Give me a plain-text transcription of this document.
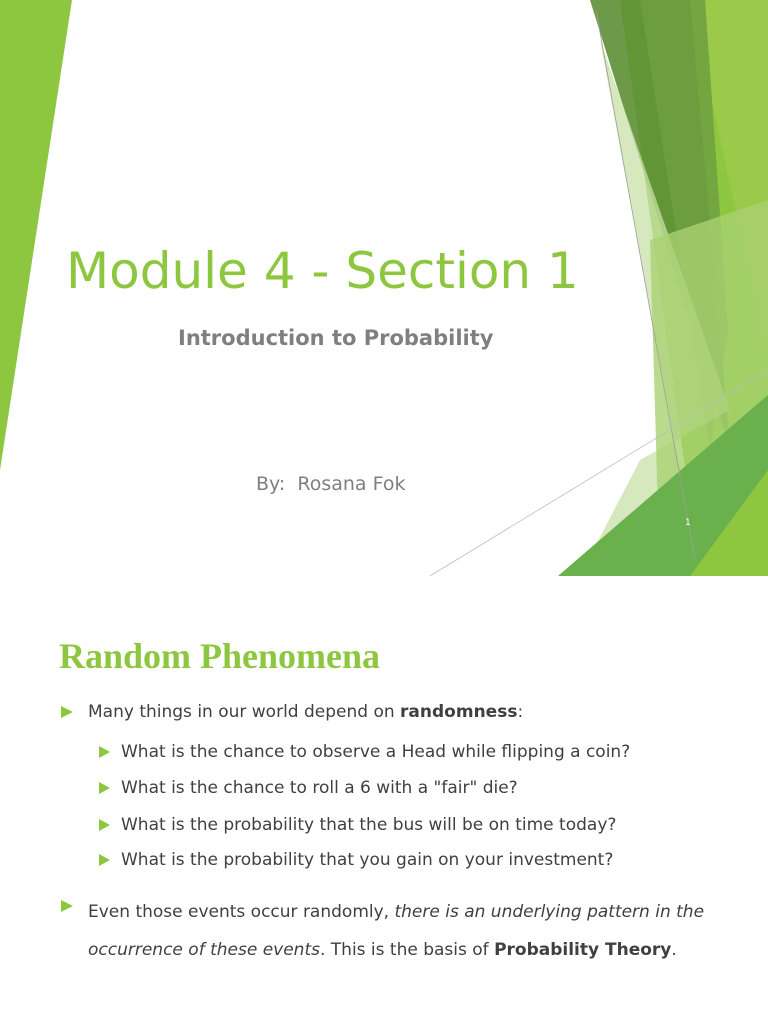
Module 4 - Section 1
Introduction to Probability
By:  Rosana Fok
1
Random Phenomena
Many things in our world depend on randomness:
What is the chance to observe a Head while flipping a coin?
What is the chance to roll a 6 with a "fair" die?
What is the probability that the bus will be on time today?
What is the probability that you gain on your investment?
Even those events occur randomly, there is an underlying pattern in the occurrence of these events. This is the basis of Probability Theory.
